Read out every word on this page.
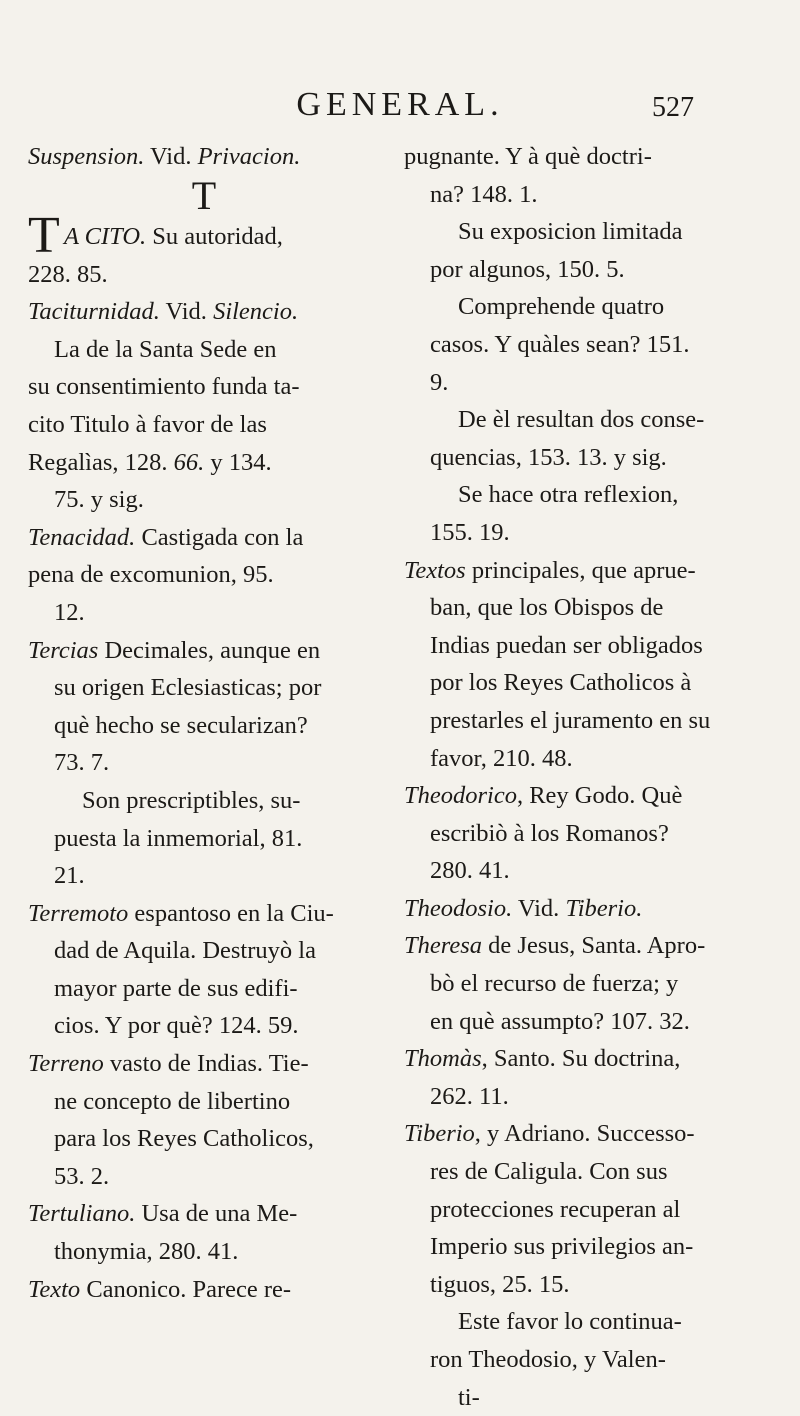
GENERAL.	527
Suspension. Vid. Privacion.
T
T A CITO. Su autoridad,
228. 85.
Taciturnidad. Vid. Silencio.
La de la Santa Sede en
su consentimiento funda ta-
cito Titulo à favor de las
Regalìas, 128. 66. y 134.
75. y sig.
Tenacidad. Castigada con la
pena de excomunion, 95.
12.
Tercias Decimales, aunque en
su origen Eclesiasticas; por
què hecho se secularizan?
73. 7.
Son prescriptibles, su-
puesta la inmemorial, 81.
21.
Terremoto espantoso en la Ciu-
dad de Aquila. Destruyò la
mayor parte de sus edifi-
cios. Y por què? 124. 59.
Terreno vasto de Indias. Tie-
ne concepto de libertino
para los Reyes Catholicos,
53. 2.
Tertuliano. Usa de una Me-
thonymia, 280. 41.
Texto Canonico. Parece re-
pugnante. Y à què doctri-
na? 148. 1.
Su exposicion limitada
por algunos, 150. 5.
Comprehende quatro
casos. Y quàles sean? 151.
9.
De èl resultan dos conse-
quencias, 153. 13. y sig.
Se hace otra reflexion,
155. 19.
Textos principales, que aprue-
ban, que los Obispos de
Indias puedan ser obligados
por los Reyes Catholicos à
prestarles el juramento en su
favor, 210. 48.
Theodorico, Rey Godo. Què
escribiò à los Romanos?
280. 41.
Theodosio. Vid. Tiberio.
Theresa de Jesus, Santa. Apro-
bò el recurso de fuerza; y
en què assumpto? 107. 32.
Thomàs, Santo. Su doctrina,
262. 11.
Tiberio, y Adriano. Successo-
res de Caligula. Con sus
protecciones recuperan al
Imperio sus privilegios an-
tiguos, 25. 15.
Este favor lo continua-
ron Theodosio, y Valen-
ti-
